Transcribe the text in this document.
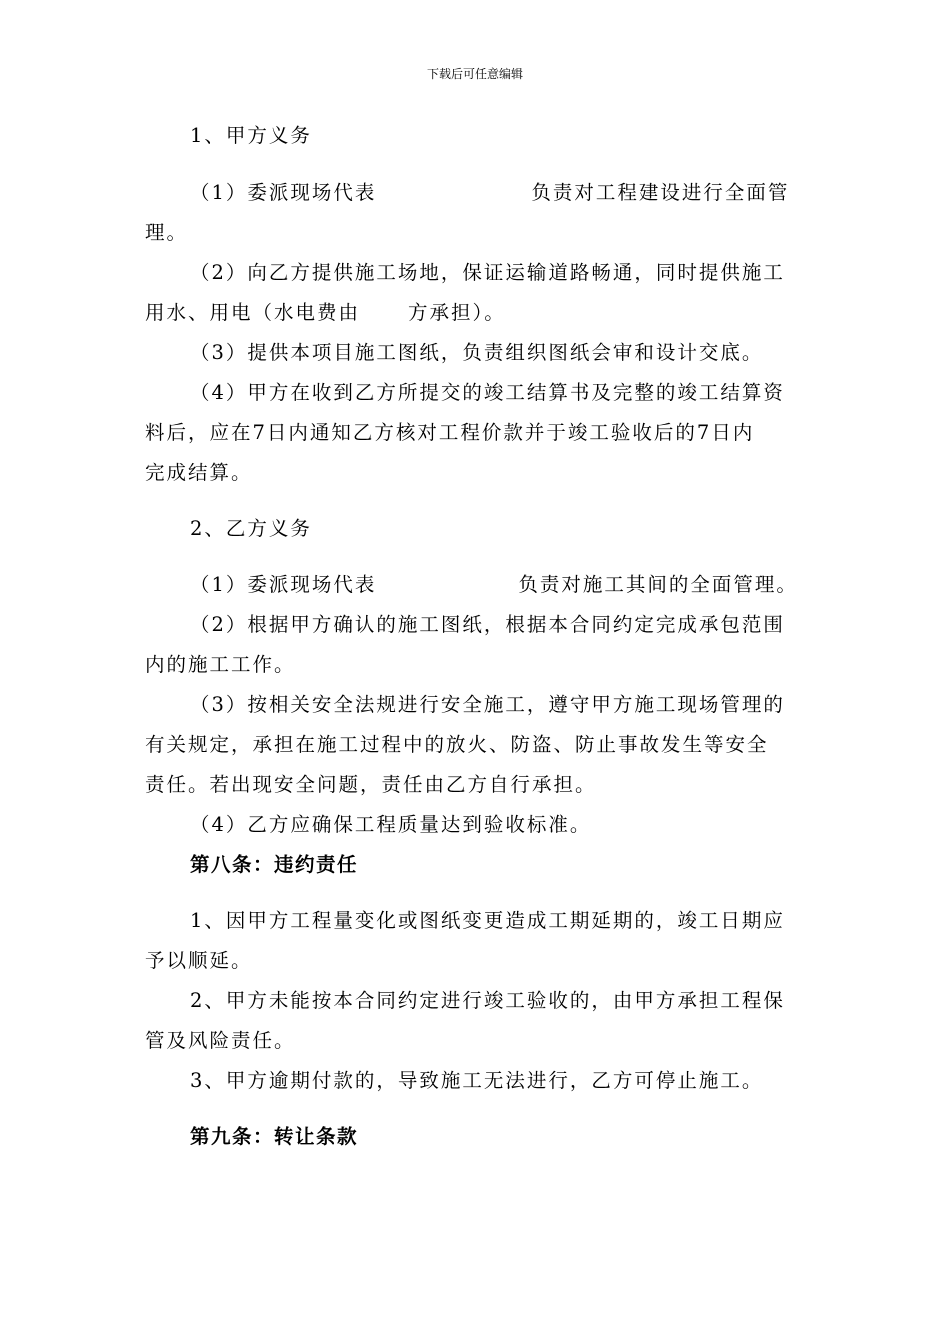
下载后可任意编辑
1、甲方义务
（1）委派现场代表	负责对工程建设进行全面管
理。
（2）向乙方提供施工场地，保证运输道路畅通，同时提供施工
用水、用电（水电费由 方承担）。
（3）提供本项目施工图纸，负责组织图纸会审和设计交底。
（4）甲方在收到乙方所提交的竣工结算书及完整的竣工结算资
料后，应在7日内通知乙方核对工程价款并于竣工验收后的7日内
完成结算。
2、乙方义务
（1）委派现场代表	负责对施工其间的全面管理。
（2）根据甲方确认的施工图纸，根据本合同约定完成承包范围
内的施工工作。
（3）按相关安全法规进行安全施工，遵守甲方施工现场管理的
有关规定，承担在施工过程中的放火、防盗、防止事故发生等安全
责任。若出现安全问题，责任由乙方自行承担。
（4）乙方应确保工程质量达到验收标准。
第八条：违约责任
1、因甲方工程量变化或图纸变更造成工期延期的，竣工日期应
予以顺延。
2、甲方未能按本合同约定进行竣工验收的，由甲方承担工程保
管及风险责任。
3、甲方逾期付款的，导致施工无法进行，乙方可停止施工。
第九条：转让条款
